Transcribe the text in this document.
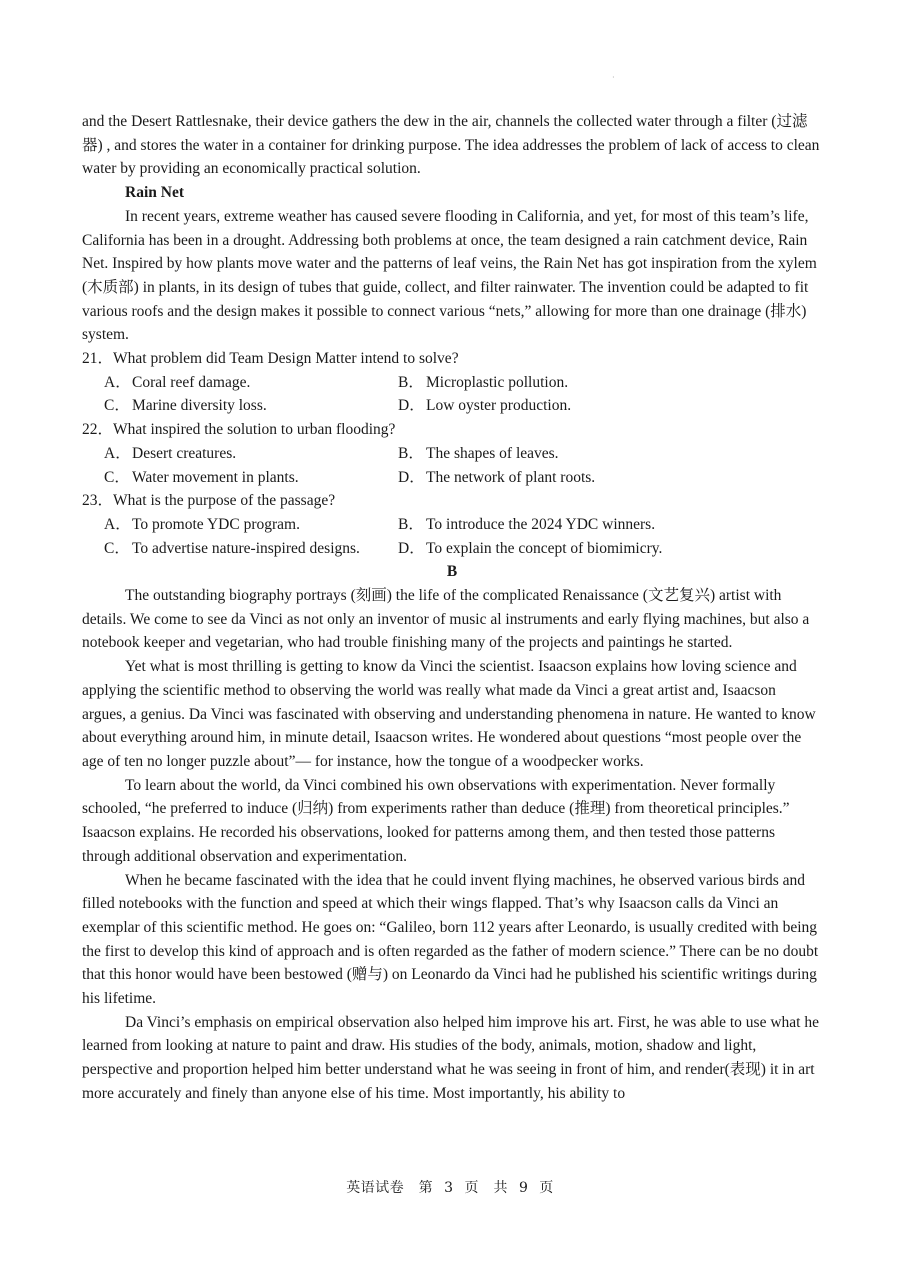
·

and the Desert Rattlesnake, their device gathers the dew in the air, channels the collected water through a filter (过滤器) , and stores the water in a container for drinking purpose. The idea addresses the problem of lack of access to clean water by providing an economically practical solution.

Rain Net

In recent years, extreme weather has caused severe flooding in California, and yet, for most of this team’s life, California has been in a drought. Addressing both problems at once, the team designed a rain catchment device, Rain Net. Inspired by how plants move water and the patterns of leaf veins, the Rain Net has got inspiration from the xylem (木质部) in plants, in its design of tubes that guide, collect, and filter rainwater. The invention could be adapted to fit various roofs and the design makes it possible to connect various “nets,” allowing for more than one drainage (排水) system.

21．What problem did Team Design Matter intend to solve?

A． Coral reef damage.	B． Microplastic pollution.
C． Marine diversity loss.	D． Low oyster production.

22．What inspired the solution to urban flooding?

A． Desert creatures.	B． The shapes of leaves.
C． Water movement in plants.	D． The network of plant roots.

23．What is the purpose of the passage?

A． To promote YDC program.	B． To introduce the 2024 YDC winners.
C． To advertise nature-inspired designs. D． To explain the concept of biomimicry.

B

The outstanding biography portrays (刻画) the life of the complicated Renaissance (文艺复兴) artist with details. We come to see da Vinci as not only an inventor of music al instruments and early flying machines, but also a notebook keeper and vegetarian, who had trouble finishing many of the projects and paintings he started.

Yet what is most thrilling is getting to know da Vinci the scientist. Isaacson explains how loving science and applying the scientific method to observing the world was really what made da Vinci a great artist and, Isaacson argues, a genius. Da Vinci was fascinated with observing and understanding phenomena in nature. He wanted to know about everything around him, in minute detail, Isaacson writes. He wondered about questions “most people over the age of ten no longer puzzle about”— for instance, how the tongue of a woodpecker works.

To learn about the world, da Vinci combined his own observations with experimentation. Never formally schooled, “he preferred to induce (归纳) from experiments rather than deduce (推理) from theoretical principles.” Isaacson explains. He recorded his observations, looked for patterns among them, and then tested those patterns through additional observation and experimentation.

When he became fascinated with the idea that he could invent flying machines, he observed various birds and filled notebooks with the function and speed at which their wings flapped. That’s why Isaacson calls da Vinci an exemplar of this scientific method. He goes on: “Galileo, born 112 years after Leonardo, is usually credited with being the first to develop this kind of approach and is often regarded as the father of modern science.” There can be no doubt that this honor would have been bestowed (赠与) on Leonardo da Vinci had he published his scientific writings during his lifetime.

Da Vinci’s emphasis on empirical observation also helped him improve his art. First, he was able to use what he learned from looking at nature to paint and draw. His studies of the body, animals, motion, shadow and light, perspective and proportion helped him better understand what he was seeing in front of him, and render(表现) it in art more accurately and finely than anyone else of his time. Most importantly, his ability to

英语试卷　第 3 页　共 9 页
